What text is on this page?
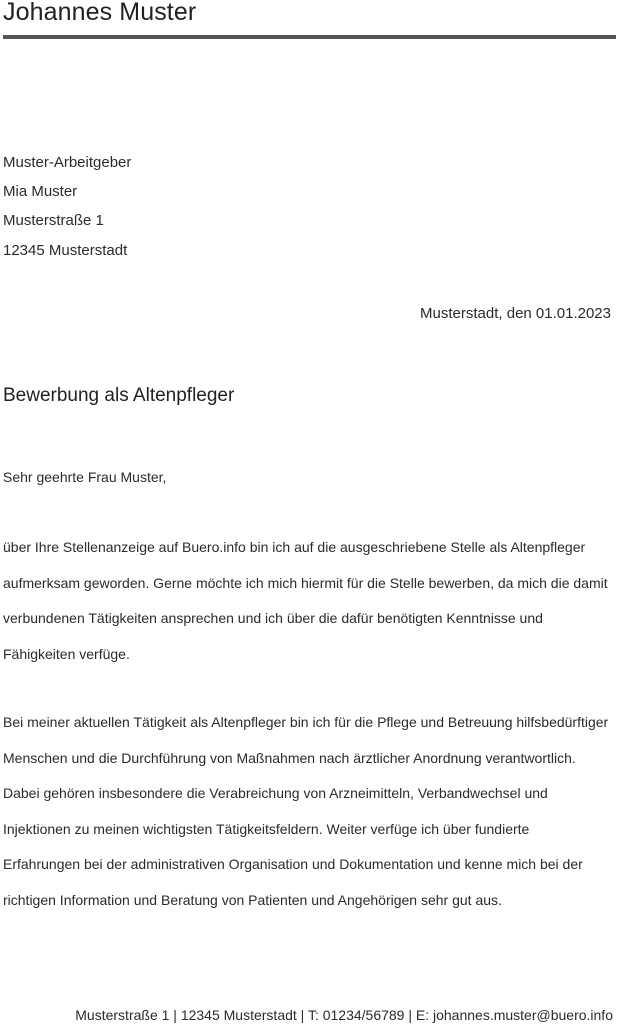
Johannes Muster
Muster-Arbeitgeber
Mia Muster
Musterstraße 1
12345 Musterstadt
Musterstadt, den 01.01.2023
Bewerbung als Altenpfleger
Sehr geehrte Frau Muster,

über Ihre Stellenanzeige auf Buero.info bin ich auf die ausgeschriebene Stelle als Altenpfleger aufmerksam geworden. Gerne möchte ich mich hiermit für die Stelle bewerben, da mich die damit verbundenen Tätigkeiten ansprechen und ich über die dafür benötigten Kenntnisse und Fähigkeiten verfüge.

Bei meiner aktuellen Tätigkeit als Altenpfleger bin ich für die Pflege und Betreuung hilfsbedürftiger Menschen und die Durchführung von Maßnahmen nach ärztlicher Anordnung verantwortlich. Dabei gehören insbesondere die Verabreichung von Arzneimitteln, Verbandwechsel und Injektionen zu meinen wichtigsten Tätigkeitsfeldern. Weiter verfüge ich über fundierte Erfahrungen bei der administrativen Organisation und Dokumentation und kenne mich bei der richtigen Information und Beratung von Patienten und Angehörigen sehr gut aus.

Musterstraße 1 | 12345 Musterstadt | T: 01234/56789 | E: johannes.muster@buero.info
